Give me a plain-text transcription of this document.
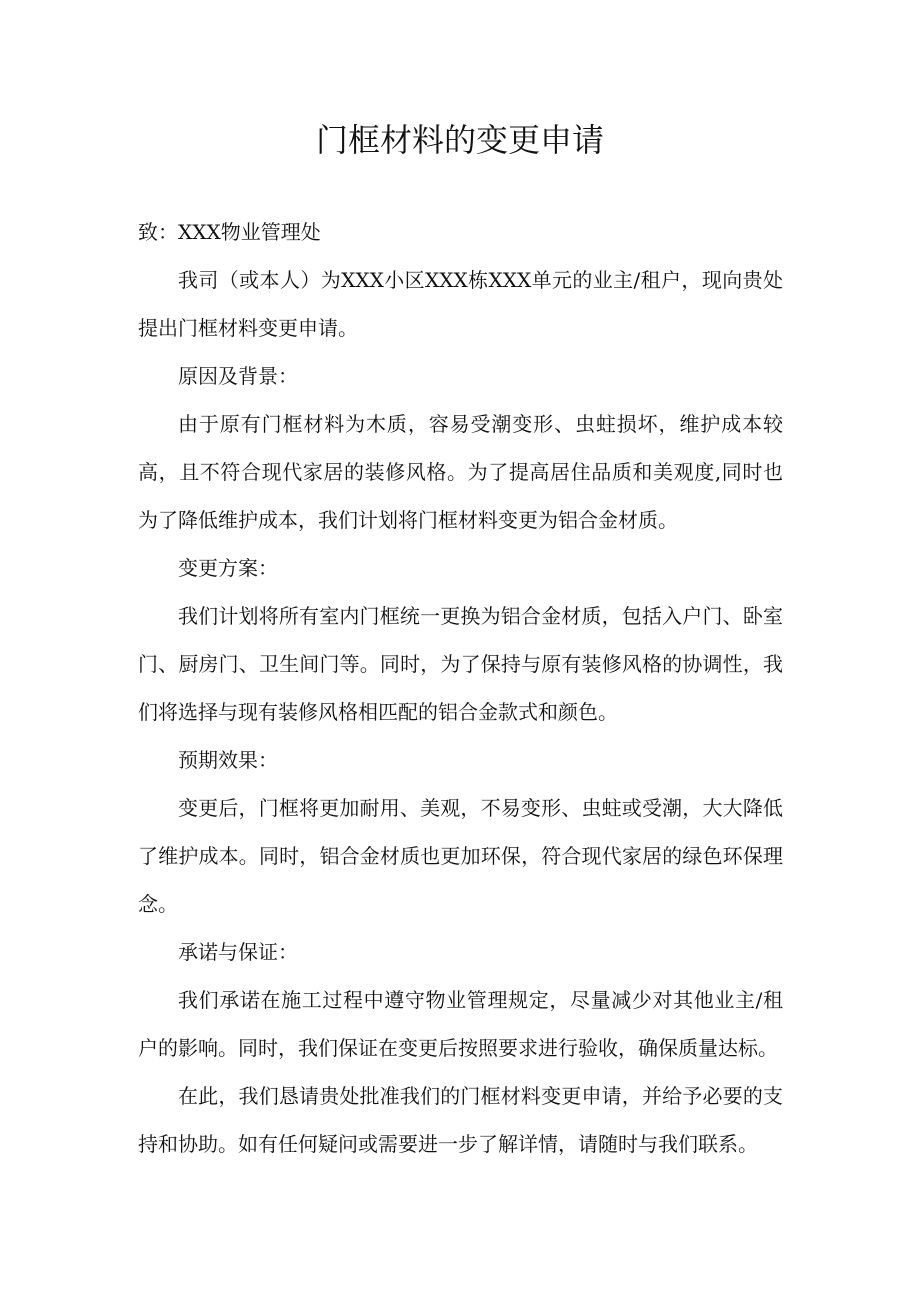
门框材料的变更申请

致：XXX物业管理处

我司（或本人）为XXX小区XXX栋XXX单元的业主/租户，现向贵处提出门框材料变更申请。

原因及背景：

由于原有门框材料为木质，容易受潮变形、虫蛀损坏，维护成本较高，且不符合现代家居的装修风格。为了提高居住品质和美观度,同时也为了降低维护成本，我们计划将门框材料变更为铝合金材质。

变更方案：

我们计划将所有室内门框统一更换为铝合金材质，包括入户门、卧室门、厨房门、卫生间门等。同时，为了保持与原有装修风格的协调性，我们将选择与现有装修风格相匹配的铝合金款式和颜色。

预期效果：

变更后，门框将更加耐用、美观，不易变形、虫蛀或受潮，大大降低了维护成本。同时，铝合金材质也更加环保，符合现代家居的绿色环保理念。

承诺与保证：

我们承诺在施工过程中遵守物业管理规定，尽量减少对其他业主/租户的影响。同时，我们保证在变更后按照要求进行验收，确保质量达标。

在此，我们恳请贵处批准我们的门框材料变更申请，并给予必要的支持和协助。如有任何疑问或需要进一步了解详情，请随时与我们联系。
